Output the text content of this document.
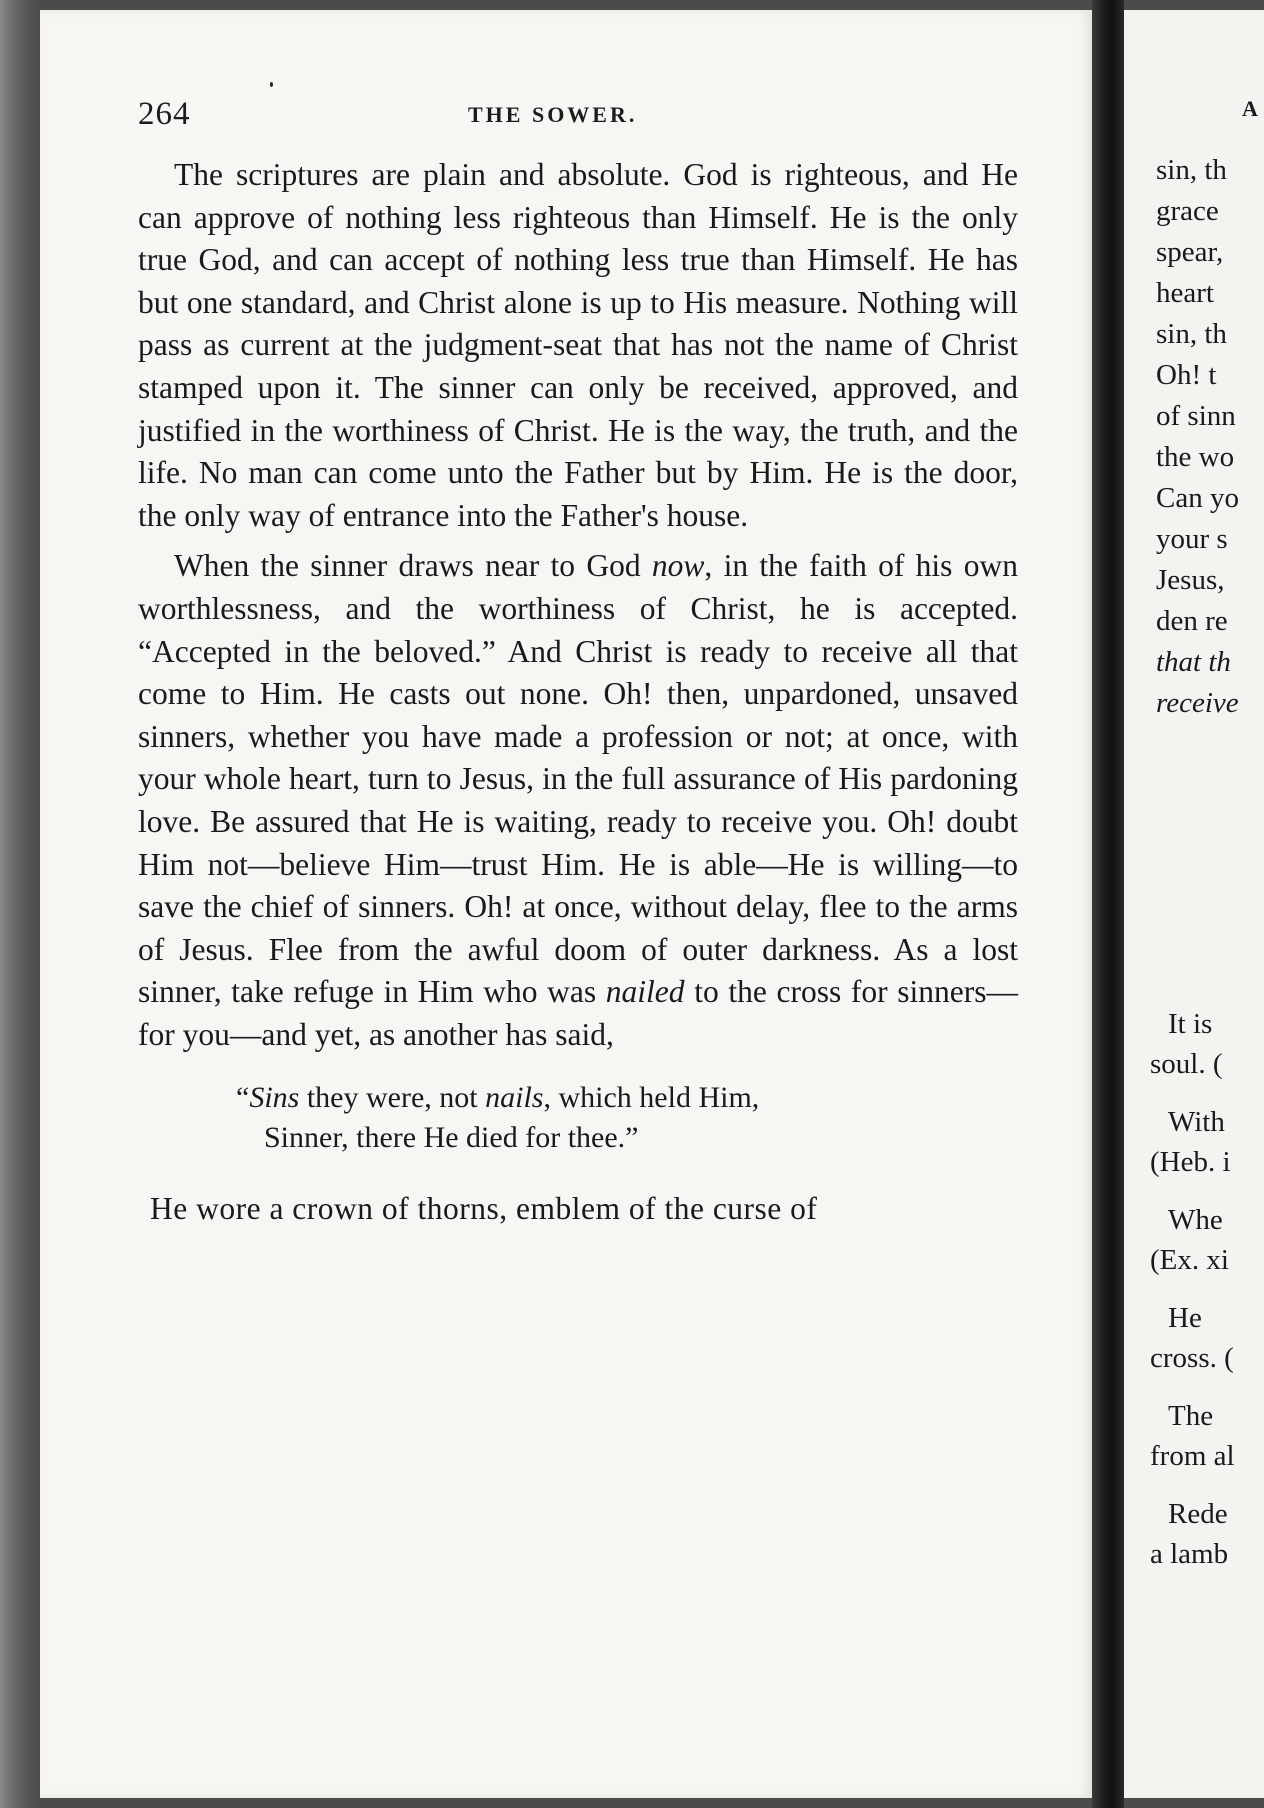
264	THE SOWER.

The scriptures are plain and absolute. God is righteous, and He can approve of nothing less righteous than Himself. He is the only true God, and can accept of nothing less true than Himself. He has but one standard, and Christ alone is up to His measure. Nothing will pass as current at the judgment-seat that has not the name of Christ stamped upon it. The sinner can only be received, approved, and justified in the worthiness of Christ. He is the way, the truth, and the life. No man can come unto the Father but by Him. He is the door, the only way of entrance into the Father's house.

When the sinner draws near to God now, in the faith of his own worthlessness, and the worthiness of Christ, he is accepted. “Accepted in the beloved.” And Christ is ready to receive all that come to Him. He casts out none. Oh! then, unpardoned, unsaved sinners, whether you have made a profession or not; at once, with your whole heart, turn to Jesus, in the full assurance of His pardoning love. Be assured that He is waiting, ready to receive you. Oh! doubt Him not—believe Him—trust Him. He is able—He is willing—to save the chief of sinners. Oh! at once, without delay, flee to the arms of Jesus. Flee from the awful doom of outer darkness. As a lost sinner, take refuge in Him who was nailed to the cross for sinners—for you—and yet, as another has said,

“Sins they were, not nails, which held Him,
Sinner, there He died for thee.”

He wore a crown of thorns, emblem of the curse of

A
sin, th
grace
spear,
heart
sin, th
Oh! t
of sinn
the wo
Can yo
your s
Jesus,
den re
that th
receive
It is
soul. (
With
(Heb. i
Whe
(Ex. xi
He
cross. (
The
from al
Rede
a lamb
